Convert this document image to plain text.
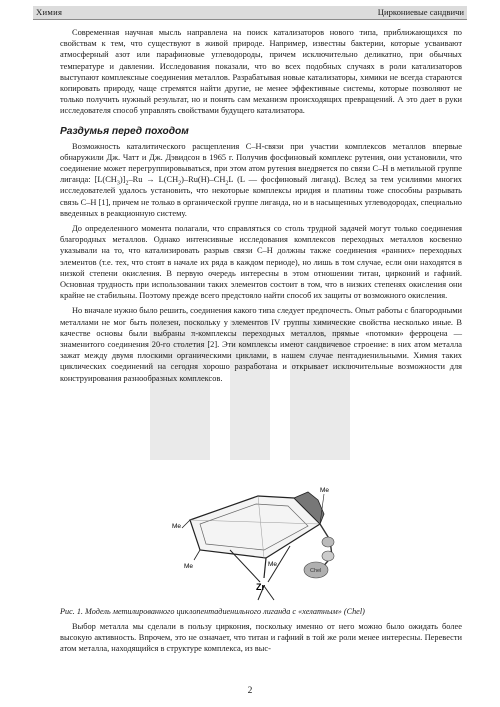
Химия	Циркониевые сандвичи

Современная научная мысль направлена на поиск катализаторов нового типа, приближающихся по свойствам к тем, что существуют в живой природе. Например, известны бактерии, которые усваивают атмосферный азот или парафиновые углеводороды, причем исключительно деликатно, при обычных температуре и давлении. Исследования показали, что во всех подобных случаях в роли катализаторов выступают комплексные соединения металлов. Разрабатывая новые катализаторы, химики не всегда стараются копировать природу, чаще стремятся найти другие, не менее эффективные системы, которые позволяют не только получить нужный результат, но и понять сам механизм происходящих превращений. А это дает в руки исследователя способ управлять свойствами будущего катализатора.

Раздумья перед походом

Возможность каталитического расщепления С–Н-связи при участии комплексов металлов впервые обнаружили Дж. Чатт и Дж. Дэвидсон в 1965 г. Получив фосфиновый комплекс рутения, они установили, что соединение может перегруппировываться, при этом атом рутения внедряется по связи С–Н в метильной группе лиганда: $[L(CH_3)]_2-Ru \to L(CH_2)-Ru(H)-CH_2L$ (L — фосфиновый лиганд). Вслед за тем усилиями многих исследователей удалось установить, что некоторые комплексы иридия и платины тоже способны разрывать связь С–Н [1], причем не только в органической группе лиганда, но и в насыщенных углеводородах, специально введенных в реакционную систему.

До определенного момента полагали, что справляться со столь трудной задачей могут только соединения благородных металлов. Однако интенсивные исследования комплексов переходных металлов косвенно указывали на то, что катализировать разрыв связи С–Н должны также соединения «ранних» переходных элементов (т.е. тех, что стоят в начале их ряда в каждом периоде), но лишь в том случае, если они находятся в низкой степени окисления. В первую очередь интересны в этом отношении титан, цирконий и гафний. Основная трудность при использовании таких элементов состоит в том, что в низких степенях окисления они крайне не стабильны. Поэтому прежде всего предстояло найти способ их защиты от возможного окисления.

Но вначале нужно было решить, соединения какого типа следует предпочесть. Опыт работы с благородными металлами не мог быть полезен, поскольку у элементов IV группы химические свойства несколько иные. В качестве основы были выбраны π-комплексы переходных металлов, прямые «потомки» ферроцена — знаменитого соединения 20-го столетия [2]. Эти комплексы имеют сандвичевое строение: в них атом металла зажат между двумя плоскими органическими циклами, в нашем случае пентадиенильными. Химия таких циклических соединений на сегодня хорошо разработана и открывает исключительные возможности для конструирования разнообразных комплексов.

Me
Me	Me
Me
Zr
Chel
Рис. 1. Модель метилированного циклопентадиенильного лиганда с «хелатным» (Chel)

Выбор металла мы сделали в пользу циркония, поскольку именно от него можно было ожидать более высокую активность. Впрочем, это не означает, что титан и гафний в той же роли менее интересны. Перевести атом металла, находящийся в структуре комплекса, из выс-

2
